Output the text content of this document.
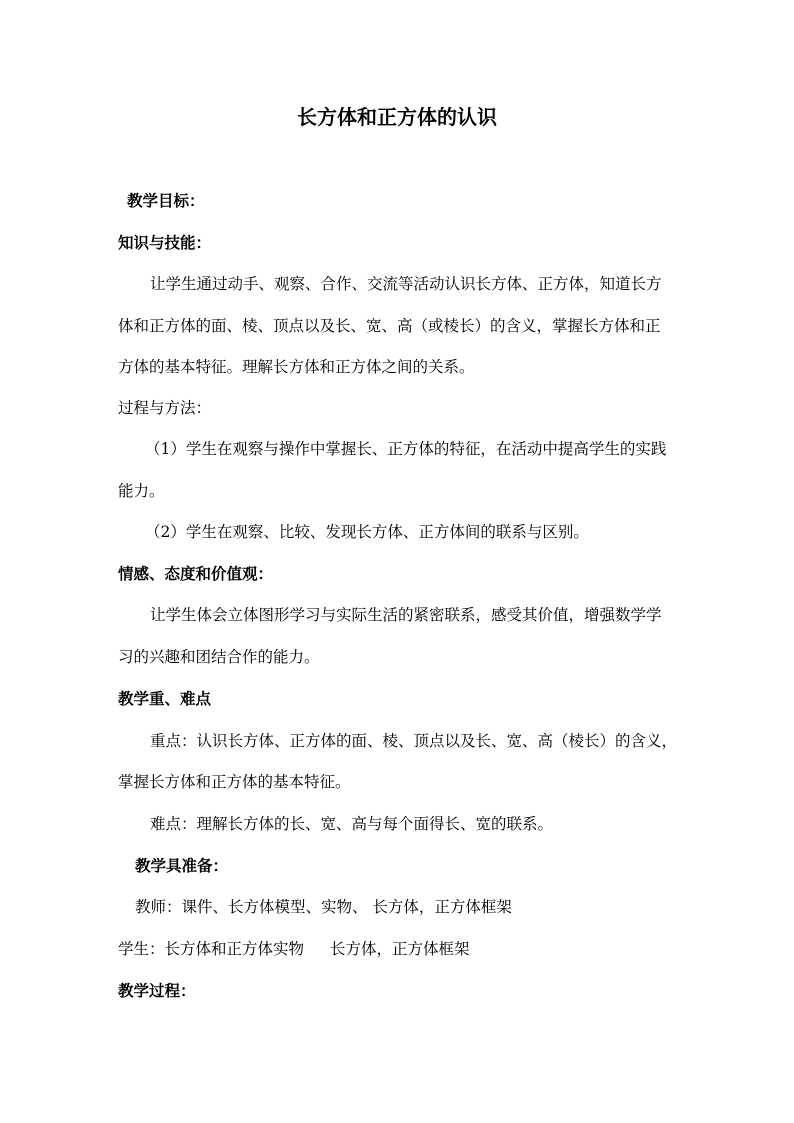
长方体和正方体的认识
教学目标：
知识与技能：
让学生通过动手、观察、合作、交流等活动认识长方体、正方体，知道长方
体和正方体的面、棱、顶点以及长、宽、高（或棱长）的含义，掌握长方体和正
方体的基本特征。理解长方体和正方体之间的关系。
过程与方法：
（1）学生在观察与操作中掌握长、正方体的特征，在活动中提高学生的实践
能力。
（2）学生在观察、比较、发现长方体、正方体间的联系与区别。
情感、态度和价值观：
让学生体会立体图形学习与实际生活的紧密联系，感受其价值，增强数学学
习的兴趣和团结合作的能力。
教学重、难点
重点：认识长方体、正方体的面、棱、顶点以及长、宽、高（棱长）的含义，
掌握长方体和正方体的基本特征。
难点：理解长方体的长、宽、高与每个面得长、宽的联系。
教学具准备：
教师：课件、长方体模型、实物、 长方体，正方体框架
学生：长方体和正方体实物 长方体，正方体框架
教学过程：
